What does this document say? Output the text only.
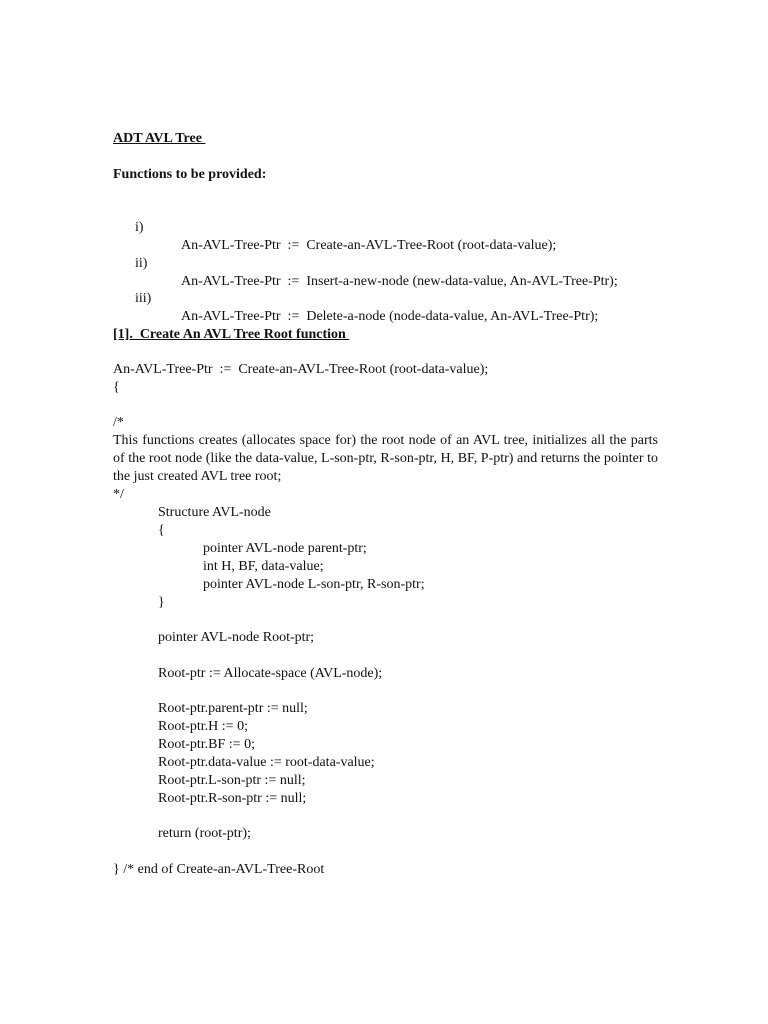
ADT AVL Tree
Functions to be provided:

i)

An-AVL-Tree-Ptr  :=  Create-an-AVL-Tree-Root (root-data-value);

ii)

An-AVL-Tree-Ptr  :=  Insert-a-new-node (new-data-value, An-AVL-Tree-Ptr);

iii)

An-AVL-Tree-Ptr  :=  Delete-a-node (node-data-value, An-AVL-Tree-Ptr);

[1].  Create An AVL Tree Root function
An-AVL-Tree-Ptr  :=  Create-an-AVL-Tree-Root (root-data-value);
{
/*
This functions creates (allocates space for) the root node of an AVL tree, initializes all the parts of the root node (like the data-value, L-son-ptr, R-son-ptr, H, BF, P-ptr) and returns the pointer to the just created AVL tree root;
*/
Structure AVL-node
{
pointer AVL-node parent-ptr;
int H, BF, data-value;
pointer AVL-node L-son-ptr, R-son-ptr;
}
pointer AVL-node Root-ptr;
Root-ptr := Allocate-space (AVL-node);
Root-ptr.parent-ptr := null;
Root-ptr.H := 0;
Root-ptr.BF := 0;
Root-ptr.data-value := root-data-value;
Root-ptr.L-son-ptr := null;
Root-ptr.R-son-ptr := null;
return (root-ptr);
} /* end of Create-an-AVL-Tree-Root
